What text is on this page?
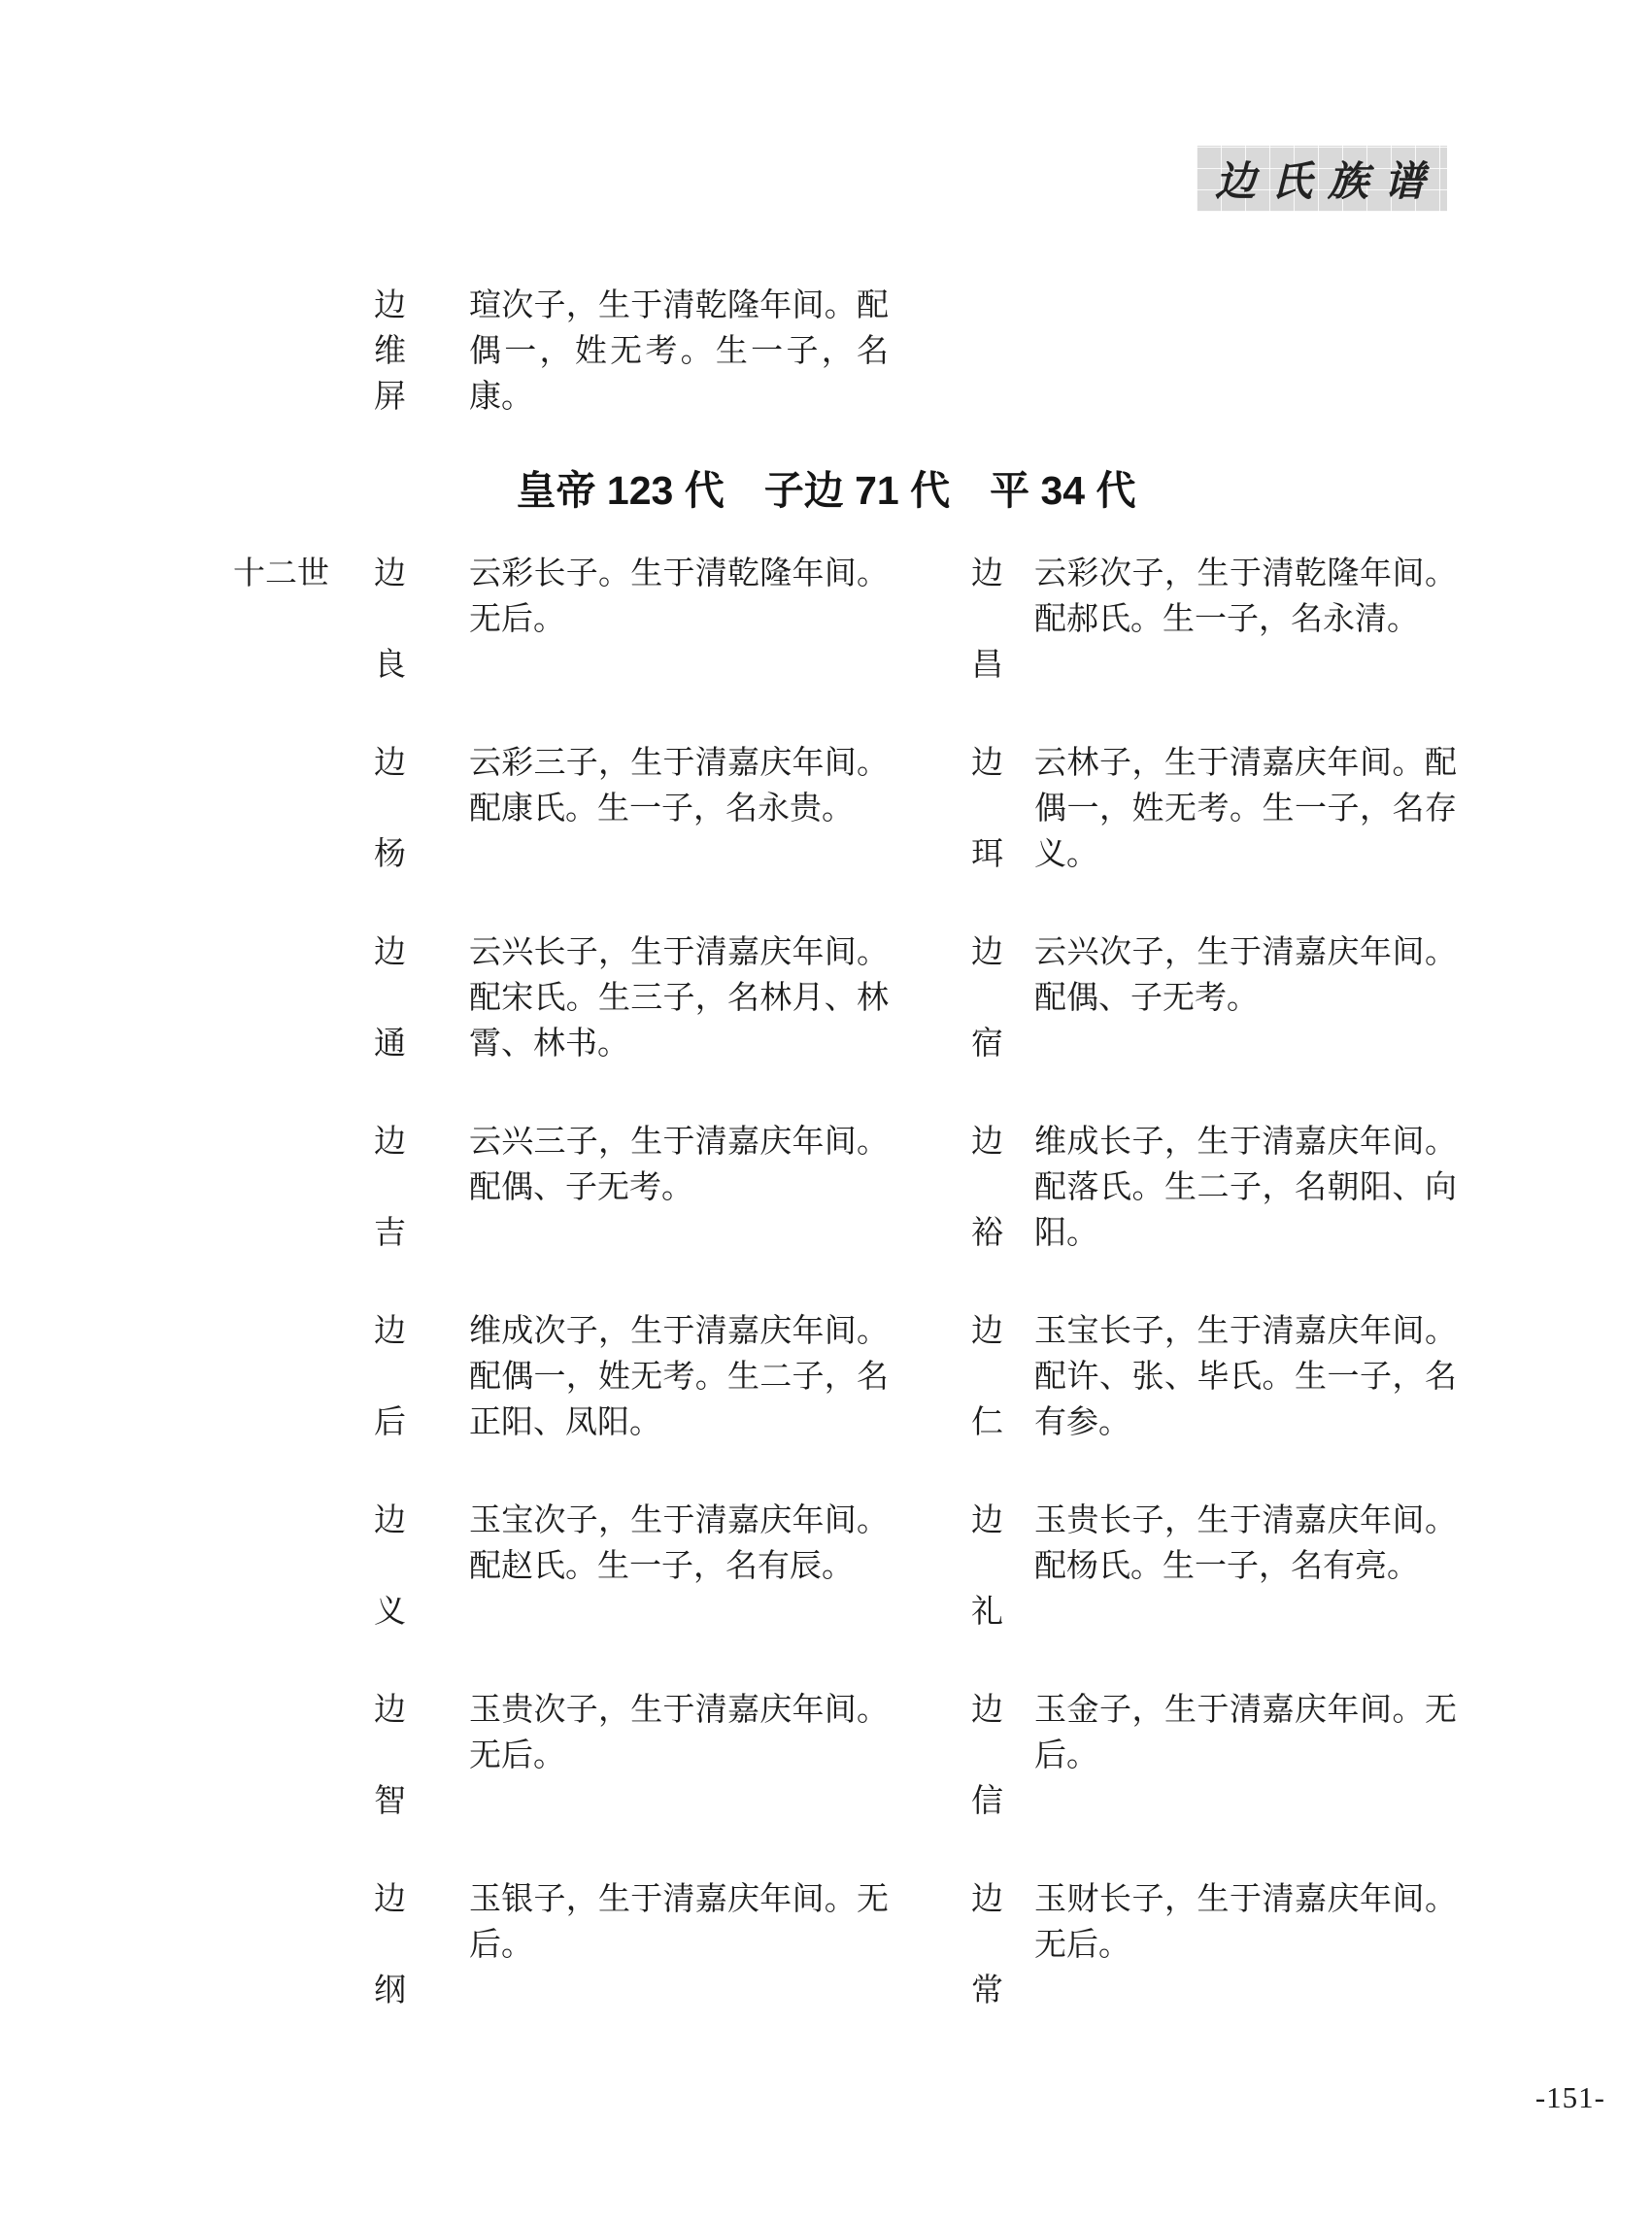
边氏族谱
边
维
屏

瑄次子，生于清乾隆年间。配偶一，姓无考。生一子，名康。

皇帝 123 代　子边 71 代　平 34 代
十二世	边
良

云彩长子。生于清乾隆年间。无后。

边
昌

云彩次子，生于清乾隆年间。配郝氏。生一子，名永清。

边
杨

云彩三子，生于清嘉庆年间。配康氏。生一子，名永贵。

边
珥

云林子，生于清嘉庆年间。配偶一，姓无考。生一子，名存义。

边
通

云兴长子，生于清嘉庆年间。配宋氏。生三子，名林月、林霄、林书。

边
宿

云兴次子，生于清嘉庆年间。配偶、子无考。

边
吉

云兴三子，生于清嘉庆年间。配偶、子无考。

边
裕

维成长子，生于清嘉庆年间。配落氏。生二子，名朝阳、向阳。

边
后

维成次子，生于清嘉庆年间。配偶一，姓无考。生二子，名正阳、凤阳。

边
仁

玉宝长子，生于清嘉庆年间。配许、张、毕氏。生一子，名有参。

边
义

玉宝次子，生于清嘉庆年间。配赵氏。生一子，名有辰。

边
礼

玉贵长子，生于清嘉庆年间。配杨氏。生一子，名有亮。

边
智

玉贵次子，生于清嘉庆年间。无后。

边
信

玉金子，生于清嘉庆年间。无后。

边
纲

玉银子，生于清嘉庆年间。无后。

边
常

玉财长子，生于清嘉庆年间。无后。

-151-
